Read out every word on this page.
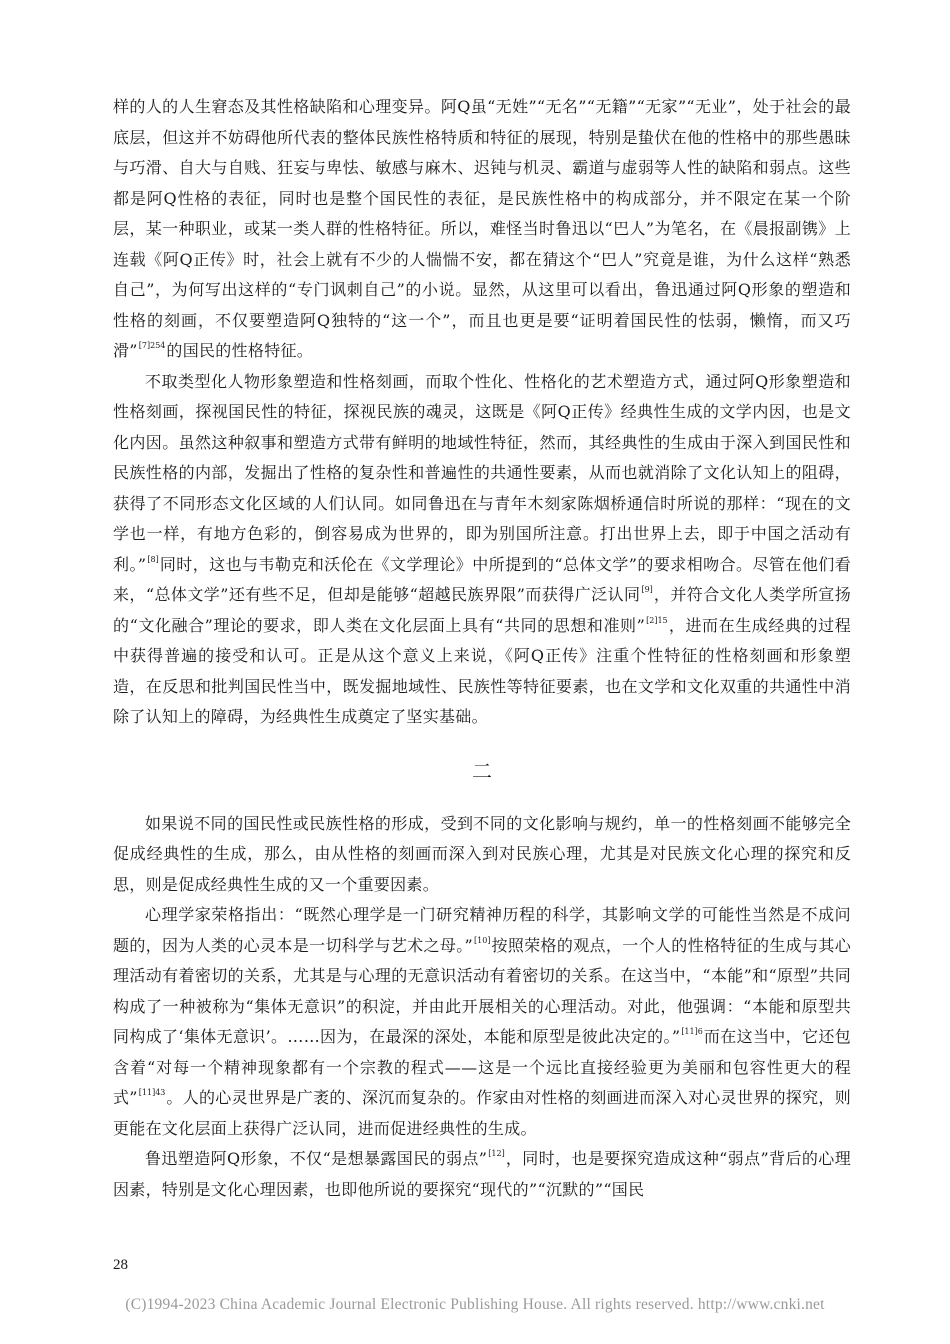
样的人的人生窘态及其性格缺陷和心理变异。阿Q虽“无姓”“无名”“无籍”“无家”“无业”，处于社会的最底层，但这并不妨碍他所代表的整体民族性格特质和特征的展现，特别是蛰伏在他的性格中的那些愚昧与巧滑、自大与自贱、狂妄与卑怯、敏感与麻木、迟钝与机灵、霸道与虚弱等人性的缺陷和弱点。这些都是阿Q性格的表征，同时也是整个国民性的表征，是民族性格中的构成部分，并不限定在某一个阶层，某一种职业，或某一类人群的性格特征。所以，难怪当时鲁迅以“巴人”为笔名，在《晨报副镌》上连载《阿Q正传》时，社会上就有不少的人惴惴不安，都在猜这个“巴人”究竟是谁，为什么这样“熟悉自己”，为何写出这样的“专门讽刺自己”的小说。显然，从这里可以看出，鲁迅通过阿Q形象的塑造和性格的刻画，不仅要塑造阿Q独特的“这一个”，而且也更是要“证明着国民性的怯弱，懒惰，而又巧滑”$^{[7]254}$的国民的性格特征。

不取类型化人物形象塑造和性格刻画，而取个性化、性格化的艺术塑造方式，通过阿Q形象塑造和性格刻画，探视国民性的特征，探视民族的魂灵，这既是《阿Q正传》经典性生成的文学内因，也是文化内因。虽然这种叙事和塑造方式带有鲜明的地域性特征，然而，其经典性的生成由于深入到国民性和民族性格的内部，发掘出了性格的复杂性和普遍性的共通性要素，从而也就消除了文化认知上的阻碍，获得了不同形态文化区域的人们认同。如同鲁迅在与青年木刻家陈烟桥通信时所说的那样：“现在的文学也一样，有地方色彩的，倒容易成为世界的，即为别国所注意。打出世界上去，即于中国之活动有利。”[8]同时，这也与韦勒克和沃伦在《文学理论》中所提到的“总体文学”的要求相吻合。尽管在他们看来，“总体文学”还有些不足，但却是能够“超越民族界限”而获得广泛认同[9]，并符合文化人类学所宣扬的“文化融合”理论的要求，即人类在文化层面上具有“共同的思想和准则”$^{[2]15}$，进而在生成经典的过程中获得普遍的接受和认可。正是从这个意义上来说，《阿Q正传》注重个性特征的性格刻画和形象塑造，在反思和批判国民性当中，既发掘地域性、民族性等特征要素，也在文学和文化双重的共通性中消除了认知上的障碍，为经典性生成奠定了坚实基础。

二

如果说不同的国民性或民族性格的形成，受到不同的文化影响与规约，单一的性格刻画不能够完全促成经典性的生成，那么，由从性格的刻画而深入到对民族心理，尤其是对民族文化心理的探究和反思，则是促成经典性生成的又一个重要因素。

心理学家荣格指出：“既然心理学是一门研究精神历程的科学，其影响文学的可能性当然是不成问题的，因为人类的心灵本是一切科学与艺术之母。”[10]按照荣格的观点，一个人的性格特征的生成与其心理活动有着密切的关系，尤其是与心理的无意识活动有着密切的关系。在这当中，“本能”和“原型”共同构成了一种被称为“集体无意识”的积淀，并由此开展相关的心理活动。对此，他强调：“本能和原型共同构成了‘集体无意识’。……因为，在最深的深处，本能和原型是彼此决定的。”$^{[11]6}$而在这当中，它还包含着“对每一个精神现象都有一个宗教的程式——这是一个远比直接经验更为美丽和包容性更大的程式”$^{[11]43}$。人的心灵世界是广袤的、深沉而复杂的。作家由对性格的刻画进而深入对心灵世界的探究，则更能在文化层面上获得广泛认同，进而促进经典性的生成。

鲁迅塑造阿Q形象，不仅“是想暴露国民的弱点”[12]，同时，也是要探究造成这种“弱点”背后的心理因素，特别是文化心理因素，也即他所说的要探究“现代的”“沉默的”“国民

28
(C)1994-2023 China Academic Journal Electronic Publishing House. All rights reserved. http://www.cnki.net
